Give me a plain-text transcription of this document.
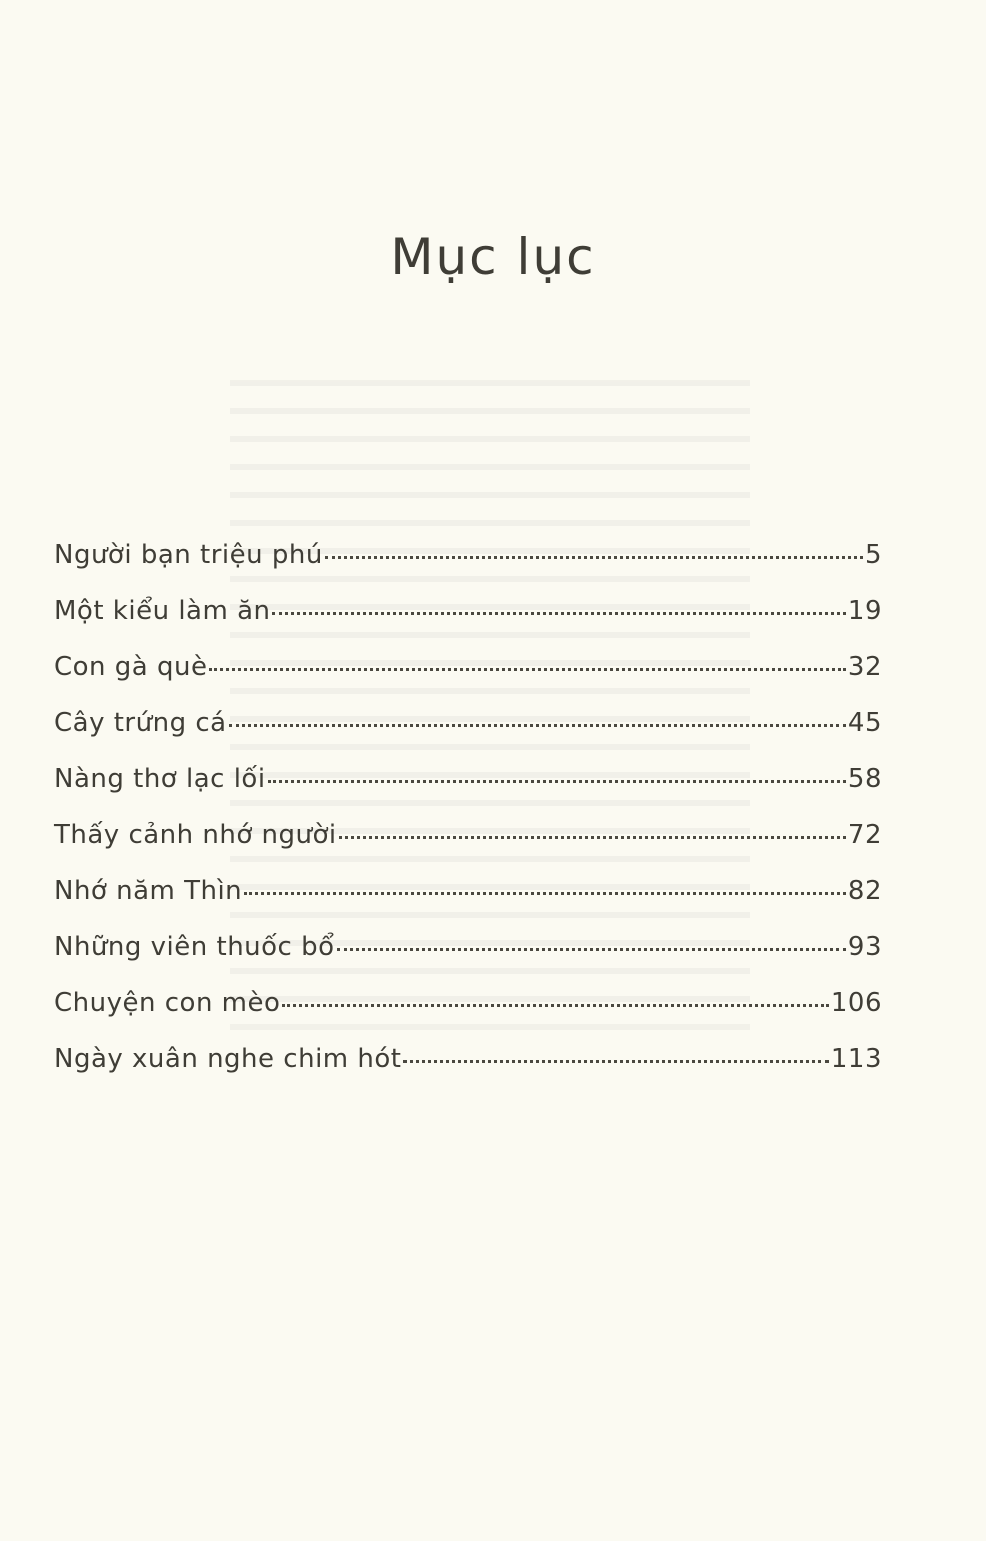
Mục lục
Người bạn triệu phú	5
Một kiểu làm ăn	19
Con gà què	32
Cây trứng cá	45
Nàng thơ lạc lối	58
Thấy cảnh nhớ người	72
Nhớ năm Thìn	82
Những viên thuốc bổ	93
Chuyện con mèo	106
Ngày xuân nghe chim hót	113
